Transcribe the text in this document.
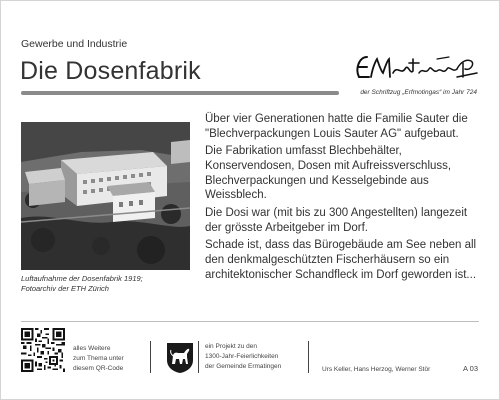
Gewerbe und Industrie
Die Dosenfabrik
der Schriftzug „Erfmotingas“ im Jahr 724
Luftaufnahme der Dosenfabrik 1919;
Fotoarchiv der ETH Zürich

Über vier Generationen hatte die Familie Sauter die "Blechverpackungen Louis Sauter AG" aufgebaut.

Die Fabrikation umfasst Blechbehälter, Konservendosen, Dosen mit Aufreissverschluss, Blechverpackungen und Kesselgebinde aus Weissblech.

Die Dosi war (mit bis zu 300 Angestellten) langezeit der grösste Arbeitgeber im Dorf.

Schade ist, dass das Bürogebäude am See neben all den denkmalgeschützten Fischerhäusern so ein architektonischer Schandfleck im Dorf geworden ist...

alles Weitere
zum Thema unter
diesem QR-Code
ein Projekt zu den
1300-Jahr-Feierlichkeiten
der Gemeinde Ermatingen	Urs Keller, Hans Herzog, Werner Stör	A 03
